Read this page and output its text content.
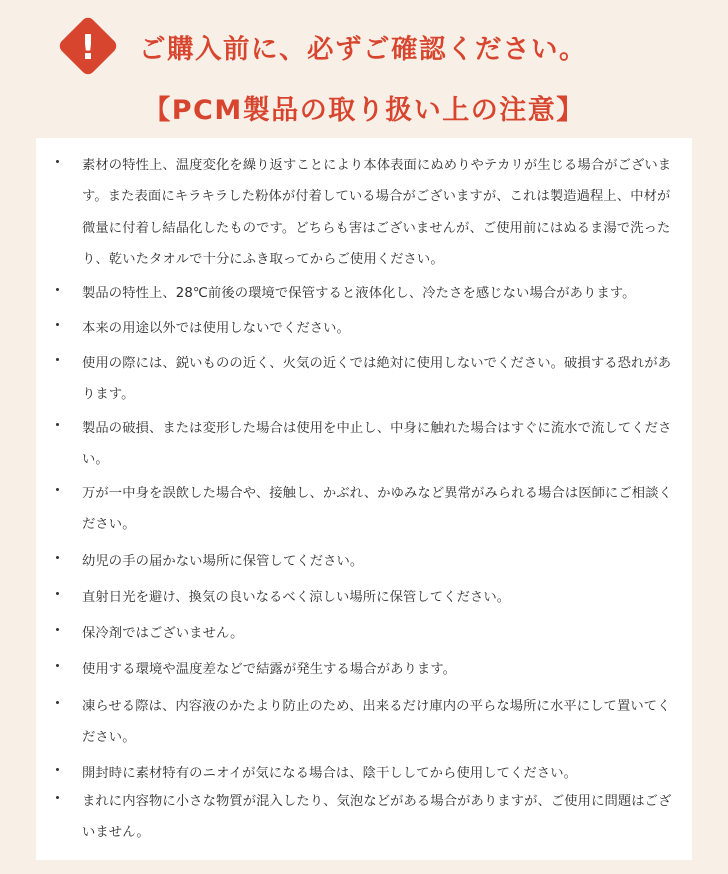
! ご購入前に、必ずご確認ください。
【PCM製品の取り扱い上の注意】
素材の特性上、温度変化を繰り返すことにより本体表面にぬめりやテカリが生じる場合がございます。また表面にキラキラした粉体が付着している場合がございますが、これは製造過程上、中材が微量に付着し結晶化したものです。どちらも害はございませんが、ご使用前にはぬるま湯で洗ったり、乾いたタオルで十分にふき取ってからご使用ください。
製品の特性上、28℃前後の環境で保管すると液体化し、冷たさを感じない場合があります。
本来の用途以外では使用しないでください。
使用の際には、鋭いものの近く、火気の近くでは絶対に使用しないでください。破損する恐れがあります。
製品の破損、または変形した場合は使用を中止し、中身に触れた場合はすぐに流水で流してください。
万が一中身を誤飲した場合や、接触し、かぶれ、かゆみなど異常がみられる場合は医師にご相談ください。
幼児の手の届かない場所に保管してください。
直射日光を避け、換気の良いなるべく涼しい場所に保管してください。
保冷剤ではございません。
使用する環境や温度差などで結露が発生する場合があります。
凍らせる際は、内容液のかたより防止のため、出来るだけ庫内の平らな場所に水平にして置いてください。
開封時に素材特有のニオイが気になる場合は、陰干ししてから使用してください。
まれに内容物に小さな物質が混入したり、気泡などがある場合がありますが、ご使用に問題はございません。
